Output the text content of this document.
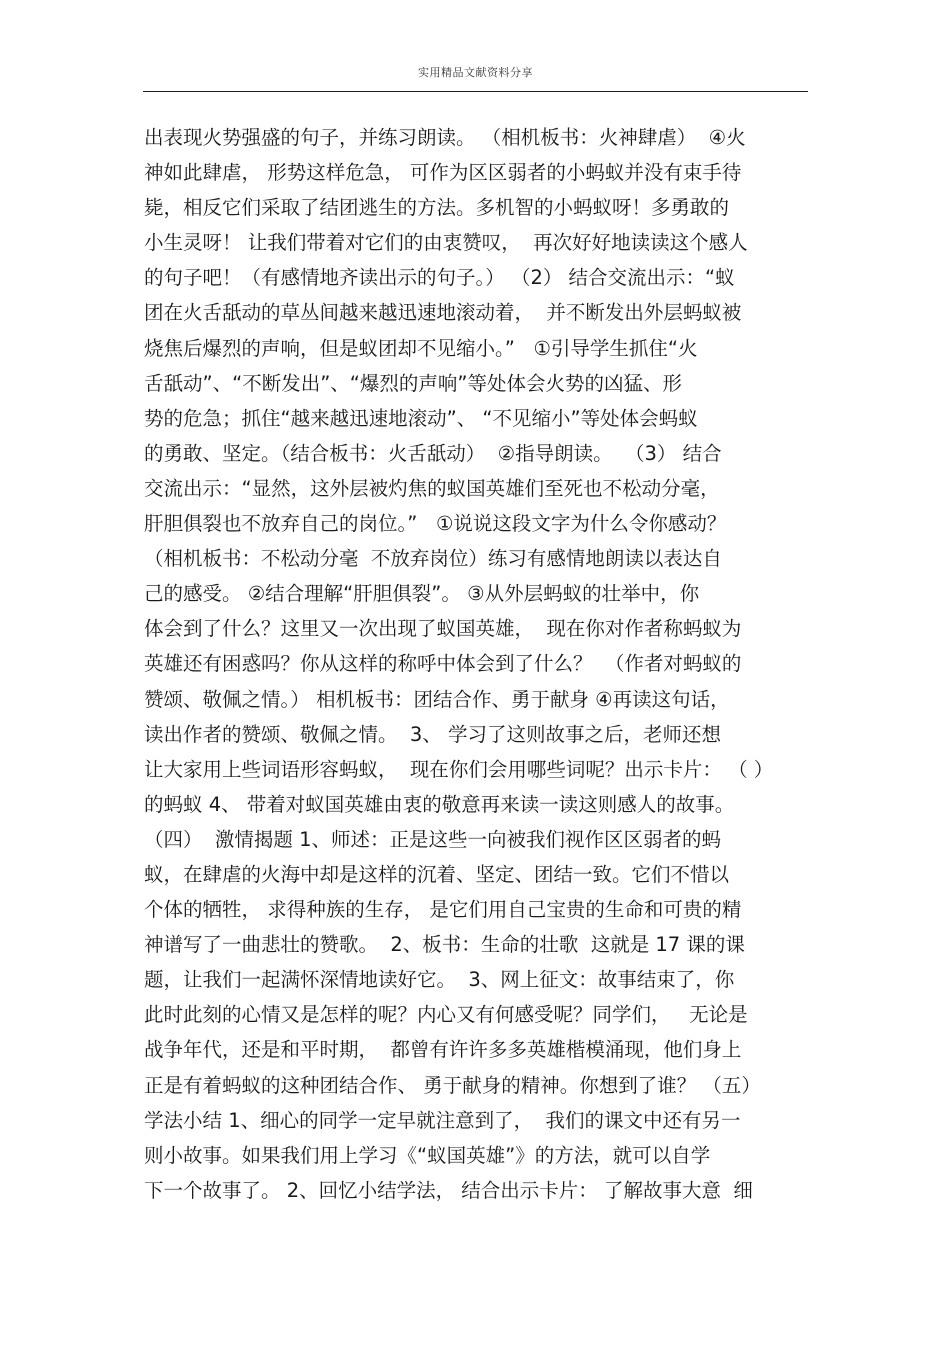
实用精品文献资料分享
出表现火势强盛的句子，并练习朗读。 （相机板书：火神肆虐）  ④火
神如此肆虐， 形势这样危急， 可作为区区弱者的小蚂蚁并没有束手待
毙，相反它们采取了结团逃生的方法。多机智的小蚂蚁呀！多勇敢的
小生灵呀！ 让我们带着对它们的由衷赞叹，  再次好好地读读这个感人
的句子吧！（有感情地齐读出示的句子。） （2） 结合交流出示：“蚁
团在火舌舐动的草丛间越来越迅速地滚动着，  并不断发出外层蚂蚁被
烧焦后爆烈的声响，但是蚁团却不见缩小。”   ①引导学生抓住“火
舌舐动”、“不断发出”、“爆烈的声响”等处体会火势的凶猛、形
势的危急；抓住“越来越迅速地滚动”、 “不见缩小”等处体会蚂蚁
的勇敢、坚定。（结合板书：火舌舐动）  ②指导朗读。  （3） 结合
交流出示：“显然，这外层被灼焦的蚁国英雄们至死也不松动分毫，
肝胆俱裂也不放弃自己的岗位。”   ①说说这段文字为什么令你感动？
（相机板书：不松动分毫  不放弃岗位）练习有感情地朗读以表达自
己的感受。 ②结合理解“肝胆俱裂”。 ③从外层蚂蚁的壮举中，你
体会到了什么？这里又一次出现了蚁国英雄，  现在你对作者称蚂蚁为
英雄还有困惑吗？你从这样的称呼中体会到了什么？  （作者对蚂蚁的
赞颂、敬佩之情。） 相机板书：团结合作、勇于献身 ④再读这句话，
读出作者的赞颂、敬佩之情。  3、 学习了这则故事之后，老师还想
让大家用上些词语形容蚂蚁，  现在你们会用哪些词呢？出示卡片： （ ）
的蚂蚁 4、 带着对蚁国英雄由衷的敬意再来读一读这则感人的故事。
（四）  激情揭题 1、师述：正是这些一向被我们视作区区弱者的蚂
蚁，在肆虐的火海中却是这样的沉着、坚定、团结一致。它们不惜以
个体的牺牲， 求得种族的生存， 是它们用自己宝贵的生命和可贵的精
神谱写了一曲悲壮的赞歌。  2、板书：生命的壮歌  这就是 17 课的课
题，让我们一起满怀深情地读好它。  3、网上征文：故事结束了，你
此时此刻的心情又是怎样的呢？内心又有何感受呢？同学们，   无论是
战争年代，还是和平时期，  都曾有许许多多英雄楷模涌现，他们身上
正是有着蚂蚁的这种团结合作、 勇于献身的精神。你想到了谁？ （五）
学法小结 1、细心的同学一定早就注意到了，  我们的课文中还有另一
则小故事。如果我们用上学习《“蚁国英雄”》的方法，就可以自学
下一个故事了。 2、回忆小结学法， 结合出示卡片： 了解故事大意  细
